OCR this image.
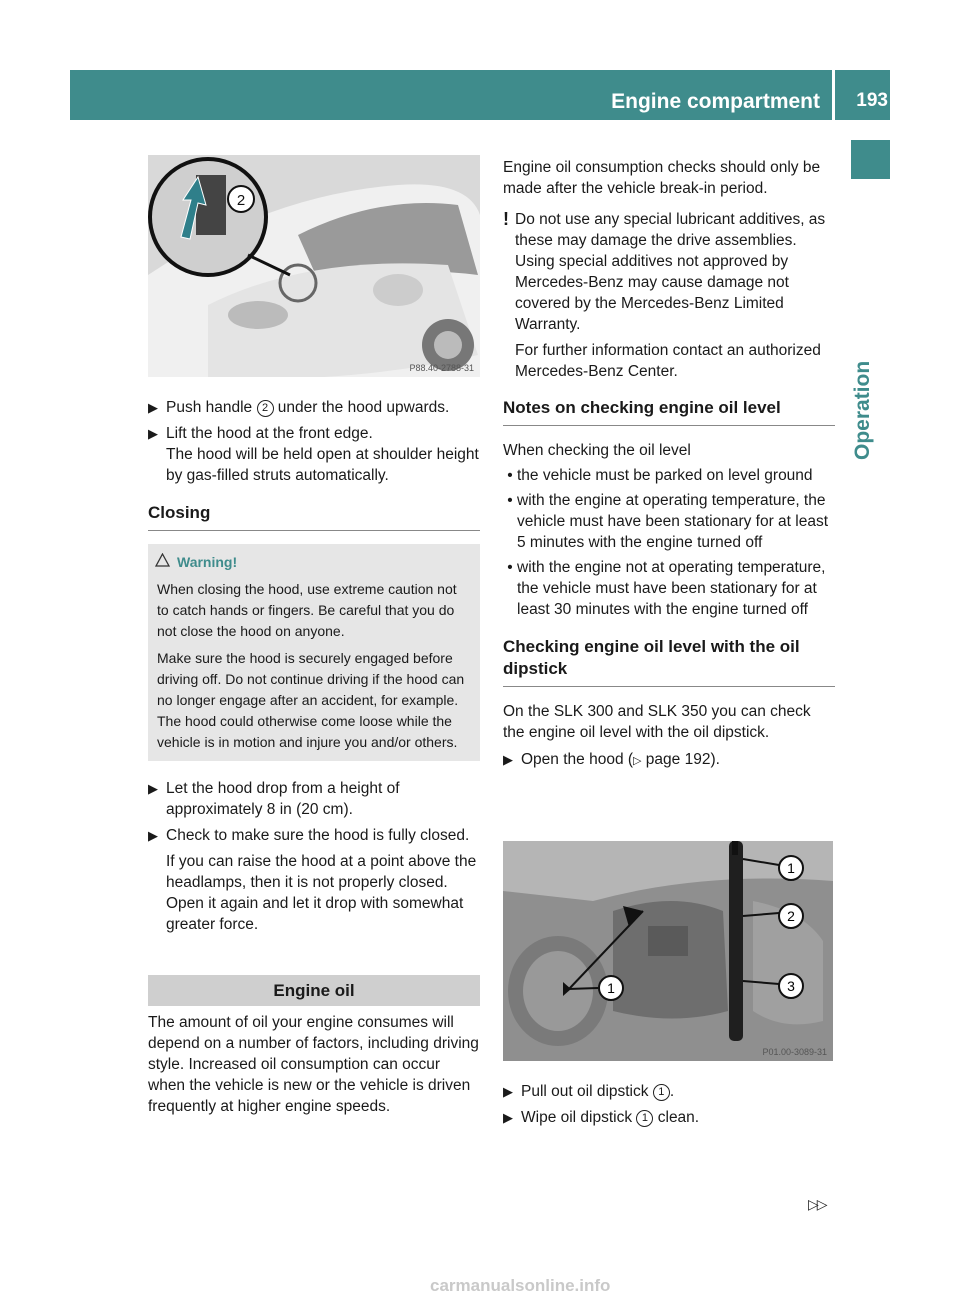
Engine compartment 193
Operation
2
P88.40-2788-31
▶ Push handle 2 under the hood upwards.
▶ Lift the hood at the front edge.
The hood will be held open at shoulder height by gas-filled struts automatically.
Closing
Warning!
When closing the hood, use extreme caution not to catch hands or fingers. Be careful that you do not close the hood on anyone.
Make sure the hood is securely engaged before driving off. Do not continue driving if the hood can no longer engage after an accident, for example. The hood could otherwise come loose while the vehicle is in motion and injure you and/or others.
▶ Let the hood drop from a height of approximately 8 in (20 cm).
▶ Check to make sure the hood is fully closed.
If you can raise the hood at a point above the headlamps, then it is not properly closed. Open it again and let it drop with somewhat greater force.
Engine oil
The amount of oil your engine consumes will depend on a number of factors, including driving style. Increased oil consumption can occur when the vehicle is new or the vehicle is driven frequently at higher engine speeds.
Engine oil consumption checks should only be made after the vehicle break-in period.
! Do not use any special lubricant additives, as these may damage the drive assemblies. Using special additives not approved by Mercedes-Benz may cause damage not covered by the Mercedes-Benz Limited Warranty.
For further information contact an authorized Mercedes-Benz Center.
Notes on checking engine oil level
When checking the oil level
• the vehicle must be parked on level ground
• with the engine at operating temperature, the vehicle must have been stationary for at least 5 minutes with the engine turned off
• with the engine not at operating temperature, the vehicle must have been stationary for at least 30 minutes with the engine turned off
Checking engine oil level with the oil dipstick
On the SLK 300 and SLK 350 you can check the engine oil level with the oil dipstick.
▶ Open the hood (▷ page 192).
1
2
3
1
P01.00-3089-31
▶ Pull out oil dipstick 1 .
▶ Wipe oil dipstick 1 clean.
▷▷
carmanualsonline.info
